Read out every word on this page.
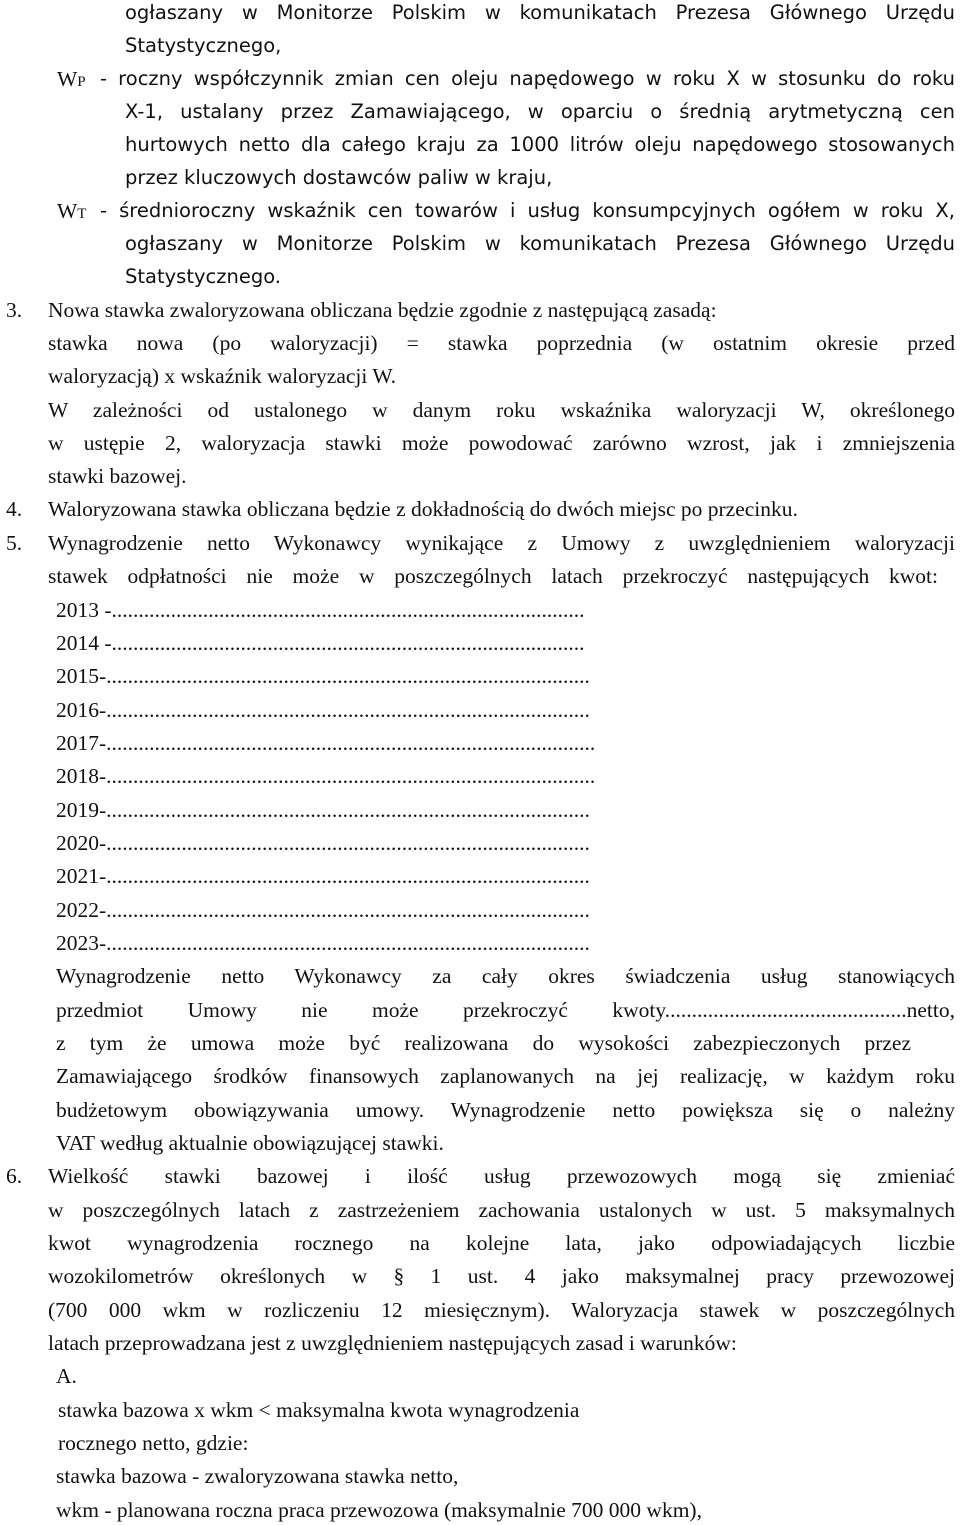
ogłaszany w Monitorze Polskim w komunikatach Prezesa Głównego Urzędu
Statystycznego,
WP - roczny współczynnik zmian cen oleju napędowego w roku X w stosunku do roku
X-1, ustalany przez Zamawiającego, w oparciu o średnią arytmetyczną cen
hurtowych netto dla całego kraju za 1000 litrów oleju napędowego stosowanych
przez kluczowych dostawców paliw w kraju,
WT - średnioroczny wskaźnik cen towarów i usług konsumpcyjnych ogółem w roku X,
ogłaszany w Monitorze Polskim w komunikatach Prezesa Głównego Urzędu
Statystycznego.
3. Nowa stawka zwaloryzowana obliczana będzie zgodnie z następującą zasadą:
stawka nowa (po waloryzacji) = stawka poprzednia (w ostatnim okresie przed
waloryzacją) x wskaźnik waloryzacji W.
W zależności od ustalonego w danym roku wskaźnika waloryzacji W, określonego
w ustępie 2, waloryzacja stawki może powodować zarówno wzrost, jak i zmniejszenia
stawki bazowej.
4. Waloryzowana stawka obliczana będzie z dokładnością do dwóch miejsc po przecinku.
5. Wynagrodzenie netto Wykonawcy wynikające z Umowy z uwzględnieniem waloryzacji
stawek odpłatności nie może w poszczególnych latach przekroczyć następujących kwot:
2013 -........................................................................................
2014 -........................................................................................
2015-..........................................................................................
2016-..........................................................................................
2017-...........................................................................................
2018-...........................................................................................
2019-..........................................................................................
2020-..........................................................................................
2021-..........................................................................................
2022-..........................................................................................
2023-..........................................................................................
Wynagrodzenie netto Wykonawcy za cały okres świadczenia usług stanowiących
przedmiot Umowy nie może przekroczyć kwoty.............................................netto,
z tym że umowa może być realizowana do wysokości zabezpieczonych przez
Zamawiającego środków finansowych zaplanowanych na jej realizację, w każdym roku
budżetowym obowiązywania umowy. Wynagrodzenie netto powiększa się o należny
VAT według aktualnie obowiązującej stawki.
6. Wielkość stawki bazowej i ilość usług przewozowych mogą się zmieniać
w poszczególnych latach z zastrzeżeniem zachowania ustalonych w ust. 5 maksymalnych
kwot wynagrodzenia rocznego na kolejne lata, jako odpowiadających liczbie
wozokilometrów określonych w § 1 ust. 4 jako maksymalnej pracy przewozowej
(700 000 wkm w rozliczeniu 12 miesięcznym). Waloryzacja stawek w poszczególnych
latach przeprowadzana jest z uwzględnieniem następujących zasad i warunków:
A.
stawka bazowa x wkm < maksymalna kwota wynagrodzenia
rocznego netto, gdzie:
stawka bazowa - zwaloryzowana stawka netto,
wkm - planowana roczna praca przewozowa (maksymalnie 700 000 wkm),
